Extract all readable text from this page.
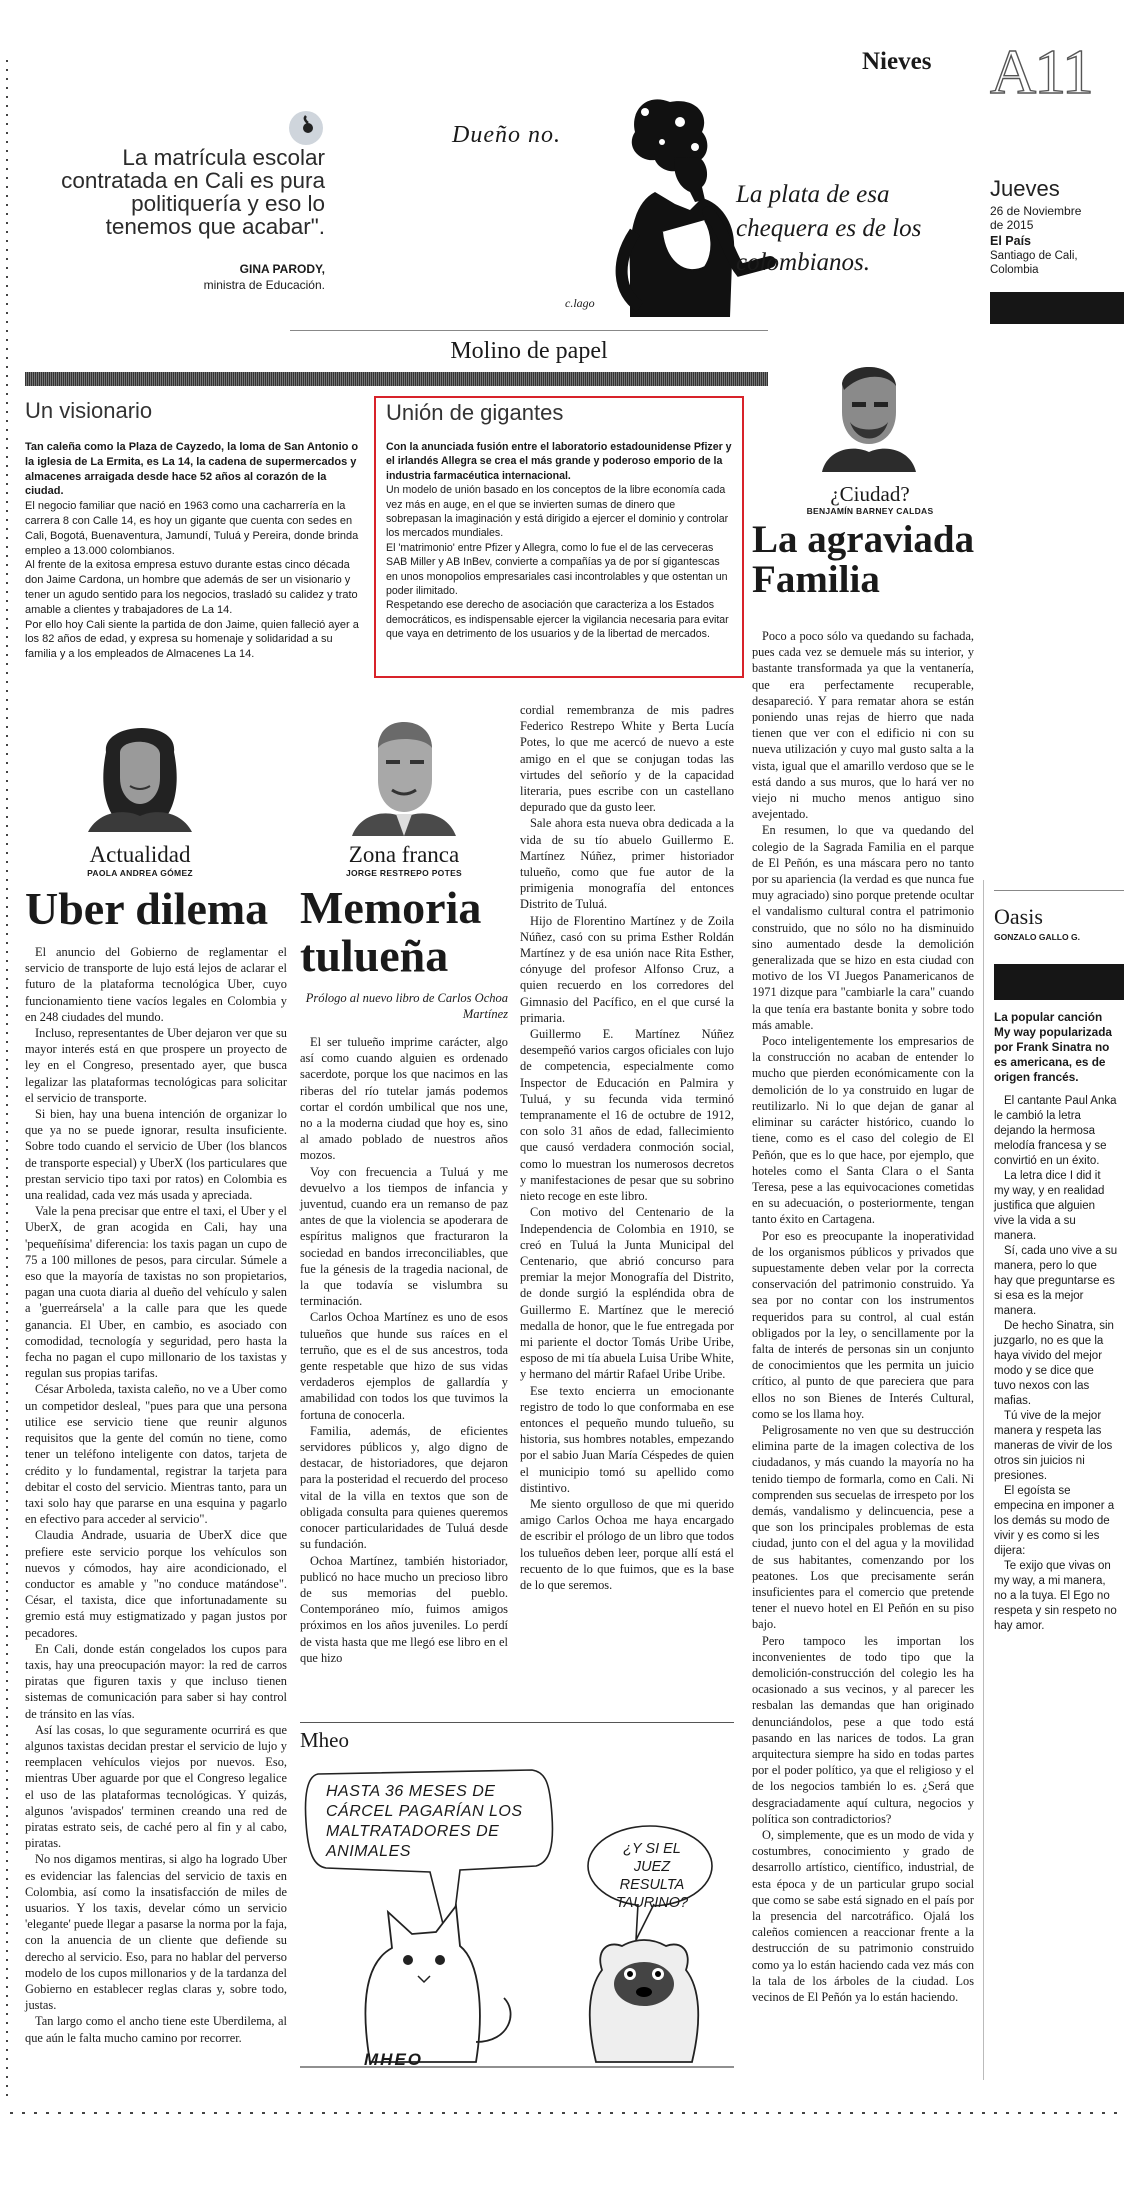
Nieves A11
Jueves
26 de Noviembre de 2015
El País
Santiago de Cali, Colombia
La matrícula escolar contratada en Cali es pura politiquería y eso lo tenemos que acabar".
GINA PARODY,
ministra de Educación.
Dueño no.
La plata de esa chequera es de los colombianos.
c.lago
Molino de papel
Un visionario

Tan caleña como la Plaza de Cayzedo, la loma de San Antonio o la iglesia de La Ermita, es La 14, la cadena de supermercados y almacenes arraigada desde hace 52 años al corazón de la ciudad.

El negocio familiar que nació en 1963 como una cacharrería en la carrera 8 con Calle 14, es hoy un gigante que cuenta con sedes en Cali, Bogotá, Buenaventura, Jamundí, Tuluá y Pereira, donde brinda empleo a 13.000 colombianos.

Al frente de la exitosa empresa estuvo durante estas cinco década don Jaime Cardona, un hombre que además de ser un visionario y tener un agudo sentido para los negocios, trasladó su calidez y trato amable a clientes y trabajadores de La 14.

Por ello hoy Cali siente la partida de don Jaime, quien falleció ayer a los 82 años de edad, y expresa su homenaje y solidaridad a su familia y a los empleados de Almacenes La 14.

Unión de gigantes

Con la anunciada fusión entre el laboratorio estadounidense Pfizer y el irlandés Allegra se crea el más grande y poderoso emporio de la industria farmacéutica internacional.

Un modelo de unión basado en los conceptos de la libre economía cada vez más en auge, en el que se invierten sumas de dinero que sobrepasan la imaginación y está dirigido a ejercer el dominio y controlar los mercados mundiales.

El 'matrimonio' entre Pfizer y Allegra, como lo fue el de las cerveceras SAB Miller y AB InBev, convierte a compañías ya de por sí gigantescas en unos monopolios empresariales casi incontrolables y que ostentan un poder ilimitado.

Respetando ese derecho de asociación que caracteriza a los Estados democráticos, es indispensable ejercer la vigilancia necesaria para evitar que vaya en detrimento de los usuarios y de la libertad de mercados.

¿Ciudad?
BENJAMÍN BARNEY CALDAS
La agraviada Familia

Poco a poco sólo va quedando su fachada, pues cada vez se demuele más su interior, y bastante transformada ya que la ventanería, que era perfectamente recuperable, desapareció. Y para rematar ahora se están poniendo unas rejas de hierro que nada tienen que ver con el edificio ni con su nueva utilización y cuyo mal gusto salta a la vista, igual que el amarillo verdoso que se le está dando a sus muros, que lo hará ver no viejo ni mucho menos antiguo sino avejentado.

En resumen, lo que va quedando del colegio de la Sagrada Familia en el parque de El Peñón, es una máscara pero no tanto por su apariencia (la verdad es que nunca fue muy agraciado) sino porque pretende ocultar el vandalismo cultural contra el patrimonio construido, que no sólo no ha disminuido sino aumentado desde la demolición generalizada que se hizo en esta ciudad con motivo de los VI Juegos Panamericanos de 1971 dizque para "cambiarle la cara" cuando la que tenía era bastante bonita y sobre todo más amable.

Poco inteligentemente los empresarios de la construcción no acaban de entender lo mucho que pierden económicamente con la demolición de lo ya construido en lugar de reutilizarlo. Ni lo que dejan de ganar al eliminar su carácter histórico, cuando lo tiene, como es el caso del colegio de El Peñón, que es lo que hace, por ejemplo, que hoteles como el Santa Clara o el Santa Teresa, pese a las equivocaciones cometidas en su adecuación, o posteriormente, tengan tanto éxito en Cartagena.

Por eso es preocupante la inoperatividad de los organismos públicos y privados que supuestamente deben velar por la correcta conservación del patrimonio construido. Ya sea por no contar con los instrumentos requeridos para su control, al cual están obligados por la ley, o sencillamente por la falta de interés de personas sin un conjunto de conocimientos que les permita un juicio crítico, al punto de que pareciera que para ellos no son Bienes de Interés Cultural, como se los llama hoy.

Peligrosamente no ven que su destrucción elimina parte de la imagen colectiva de los ciudadanos, y más cuando la mayoría no ha tenido tiempo de formarla, como en Cali. Ni comprenden sus secuelas de irrespeto por los demás, vandalismo y delincuencia, pese a que son los principales problemas de esta ciudad, junto con el del agua y la movilidad de sus habitantes, comenzando por los peatones. Los que precisamente serán insuficientes para el comercio que pretende tener el nuevo hotel en El Peñón en su piso bajo.

Pero tampoco les importan los inconvenientes de todo tipo que la demolición-construcción del colegio les ha ocasionado a sus vecinos, y al parecer les resbalan las demandas que han originado denunciándolos, pese a que todo está pasando en las narices de todos. La gran arquitectura siempre ha sido en todas partes por el poder político, ya que el religioso y el de los negocios también lo es. ¿Será que desgraciadamente aquí cultura, negocios y política son contradictorios?

O, simplemente, que es un modo de vida y costumbres, conocimiento y grado de desarrollo artístico, científico, industrial, de esta época y de un particular grupo social que como se sabe está signado en el país por la presencia del narcotráfico. Ojalá los caleños comiencen a reaccionar frente a la destrucción de su patrimonio construido como ya lo están haciendo cada vez más con la tala de los árboles de la ciudad. Los vecinos de El Peñón ya lo están haciendo.

Actualidad
PAOLA ANDREA GÓMEZ
Uber dilema

El anuncio del Gobierno de reglamentar el servicio de transporte de lujo está lejos de aclarar el futuro de la plataforma tecnológica Uber, cuyo funcionamiento tiene vacíos legales en Colombia y en 248 ciudades del mundo.

Incluso, representantes de Uber dejaron ver que su mayor interés está en que prospere un proyecto de ley en el Congreso, presentado ayer, que busca legalizar las plataformas tecnológicas para solicitar el servicio de transporte.

Si bien, hay una buena intención de organizar lo que ya no se puede ignorar, resulta insuficiente. Sobre todo cuando el servicio de Uber (los blancos de transporte especial) y UberX (los particulares que prestan servicio tipo taxi por ratos) en Colombia es una realidad, cada vez más usada y apreciada.

Vale la pena precisar que entre el taxi, el Uber y el UberX, de gran acogida en Cali, hay una 'pequeñísima' diferencia: los taxis pagan un cupo de 75 a 100 millones de pesos, para circular. Súmele a eso que la mayoría de taxistas no son propietarios, pagan una cuota diaria al dueño del vehículo y salen a 'guerreársela' a la calle para que les quede ganancia. El Uber, en cambio, es asociado con comodidad, tecnología y seguridad, pero hasta la fecha no pagan el cupo millonario de los taxistas y regulan sus propias tarifas.

César Arboleda, taxista caleño, no ve a Uber como un competidor desleal, "pues para que una persona utilice ese servicio tiene que reunir algunos requisitos que la gente del común no tiene, como tener un teléfono inteligente con datos, tarjeta de crédito y lo fundamental, registrar la tarjeta para debitar el costo del servicio. Mientras tanto, para un taxi solo hay que pararse en una esquina y pagarlo en efectivo para acceder al servicio".

Claudia Andrade, usuaria de UberX dice que prefiere este servicio porque los vehículos son nuevos y cómodos, hay aire acondicionado, el conductor es amable y "no conduce matándose". César, el taxista, dice que infortunadamente su gremio está muy estigmatizado y pagan justos por pecadores.

En Cali, donde están congelados los cupos para taxis, hay una preocupación mayor: la red de carros piratas que figuren taxis y que incluso tienen sistemas de comunicación para saber si hay control de tránsito en las vías.

Así las cosas, lo que seguramente ocurrirá es que algunos taxistas decidan prestar el servicio de lujo y reemplacen vehículos viejos por nuevos. Eso, mientras Uber aguarde por que el Congreso legalice el uso de las plataformas tecnológicas. Y quizás, algunos 'avispados' terminen creando una red de piratas estrato seis, de caché pero al fin y al cabo, piratas.

No nos digamos mentiras, si algo ha logrado Uber es evidenciar las falencias del servicio de taxis en Colombia, así como la insatisfacción de miles de usuarios. Y los taxis, develar cómo un servicio 'elegante' puede llegar a pasarse la norma por la faja, con la anuencia de un cliente que defiende su derecho al servicio. Eso, para no hablar del perverso modelo de los cupos millonarios y de la tardanza del Gobierno en establecer reglas claras y, sobre todo, justas.

Tan largo como el ancho tiene este Uberdilema, al que aún le falta mucho camino por recorrer.

Zona franca
JORGE RESTREPO POTES
Memoria tulueña
Prólogo al nuevo libro de Carlos Ochoa Martínez

El ser tulueño imprime carácter, algo así como cuando alguien es ordenado sacerdote, porque los que nacimos en las riberas del río tutelar jamás podemos cortar el cordón umbilical que nos une, no a la moderna ciudad que hoy es, sino al amado poblado de nuestros años mozos.

Voy con frecuencia a Tuluá y me devuelvo a los tiempos de infancia y juventud, cuando era un remanso de paz antes de que la violencia se apoderara de espíritus malignos que fracturaron la sociedad en bandos irreconciliables, que fue la génesis de la tragedia nacional, de la que todavía se vislumbra su terminación.

Carlos Ochoa Martínez es uno de esos tulueños que hunde sus raíces en el terruño, que es el de sus ancestros, toda gente respetable que hizo de sus vidas verdaderos ejemplos de gallardía y amabilidad con todos los que tuvimos la fortuna de conocerla.

Familia, además, de eficientes servidores públicos y, algo digno de destacar, de historiadores, que dejaron para la posteridad el recuerdo del proceso vital de la villa en textos que son de obligada consulta para quienes queremos conocer particularidades de Tuluá desde su fundación.

Ochoa Martínez, también historiador, publicó no hace mucho un precioso libro de sus memorias del pueblo. Contemporáneo mío, fuimos amigos próximos en los años juveniles. Lo perdí de vista hasta que me llegó ese libro en el que hizo

cordial remembranza de mis padres Federico Restrepo White y Berta Lucía Potes, lo que me acercó de nuevo a este amigo en el que se conjugan todas las virtudes del señorío y de la capacidad literaria, pues escribe con un castellano depurado que da gusto leer.

Sale ahora esta nueva obra dedicada a la vida de su tío abuelo Guillermo E. Martínez Núñez, primer historiador tulueño, como que fue autor de la primigenia monografía del entonces Distrito de Tuluá.

Hijo de Florentino Martínez y de Zoila Núñez, casó con su prima Esther Roldán Martínez y de esa unión nace Rita Esther, cónyuge del profesor Alfonso Cruz, a quien recuerdo en los corredores del Gimnasio del Pacífico, en el que cursé la primaria.

Guillermo E. Martínez Núñez desempeñó varios cargos oficiales con lujo de competencia, especialmente como Inspector de Educación en Palmira y Tuluá, y su fecunda vida terminó tempranamente el 16 de octubre de 1912, con solo 31 años de edad, fallecimiento que causó verdadera conmoción social, como lo muestran los numerosos decretos y manifestaciones de pesar que su sobrino nieto recoge en este libro.

Con motivo del Centenario de la Independencia de Colombia en 1910, se creó en Tuluá la Junta Municipal del Centenario, que abrió concurso para premiar la mejor Monografía del Distrito, de donde surgió la espléndida obra de Guillermo E. Martínez que le mereció medalla de honor, que le fue entregada por mi pariente el doctor Tomás Uribe Uribe, esposo de mi tía abuela Luisa Uribe White, y hermano del mártir Rafael Uribe Uribe.

Ese texto encierra un emocionante registro de todo lo que conformaba en ese entonces el pequeño mundo tulueño, su historia, sus hombres notables, empezando por el sabio Juan María Céspedes de quien el municipio tomó su apellido como distintivo.

Me siento orgulloso de que mi querido amigo Carlos Ochoa me haya encargado de escribir el prólogo de un libro que todos los tulueños deben leer, porque allí está el recuento de lo que fuimos, que es la base de lo que seremos.

Mheo
HASTA 36 MESES DE CÁRCEL PAGARÍAN LOS MALTRATADORES DE ANIMALES	¿Y SI EL JUEZ RESULTA TAURINO?
MHEO
Oasis
GONZALO GALLO G.
La popular canción My way popularizada por Frank Sinatra no es americana, es de origen francés.

El cantante Paul Anka le cambió la letra dejando la hermosa melodía francesa y se convirtió en un éxito.

La letra dice I did it my way, y en realidad justifica que alguien vive la vida a su manera.

Sí, cada uno vive a su manera, pero lo que hay que preguntarse es si esa es la mejor manera.

De hecho Sinatra, sin juzgarlo, no es que la haya vivido del mejor modo y se dice que tuvo nexos con las mafias.

Tú vive de la mejor manera y respeta las maneras de vivir de los otros sin juicios ni presiones.

El egoísta se empecina en imponer a los demás su modo de vivir y es como si les dijera:

Te exijo que vivas on my way, a mi manera, no a la tuya. El Ego no respeta y sin respeto no hay amor.
